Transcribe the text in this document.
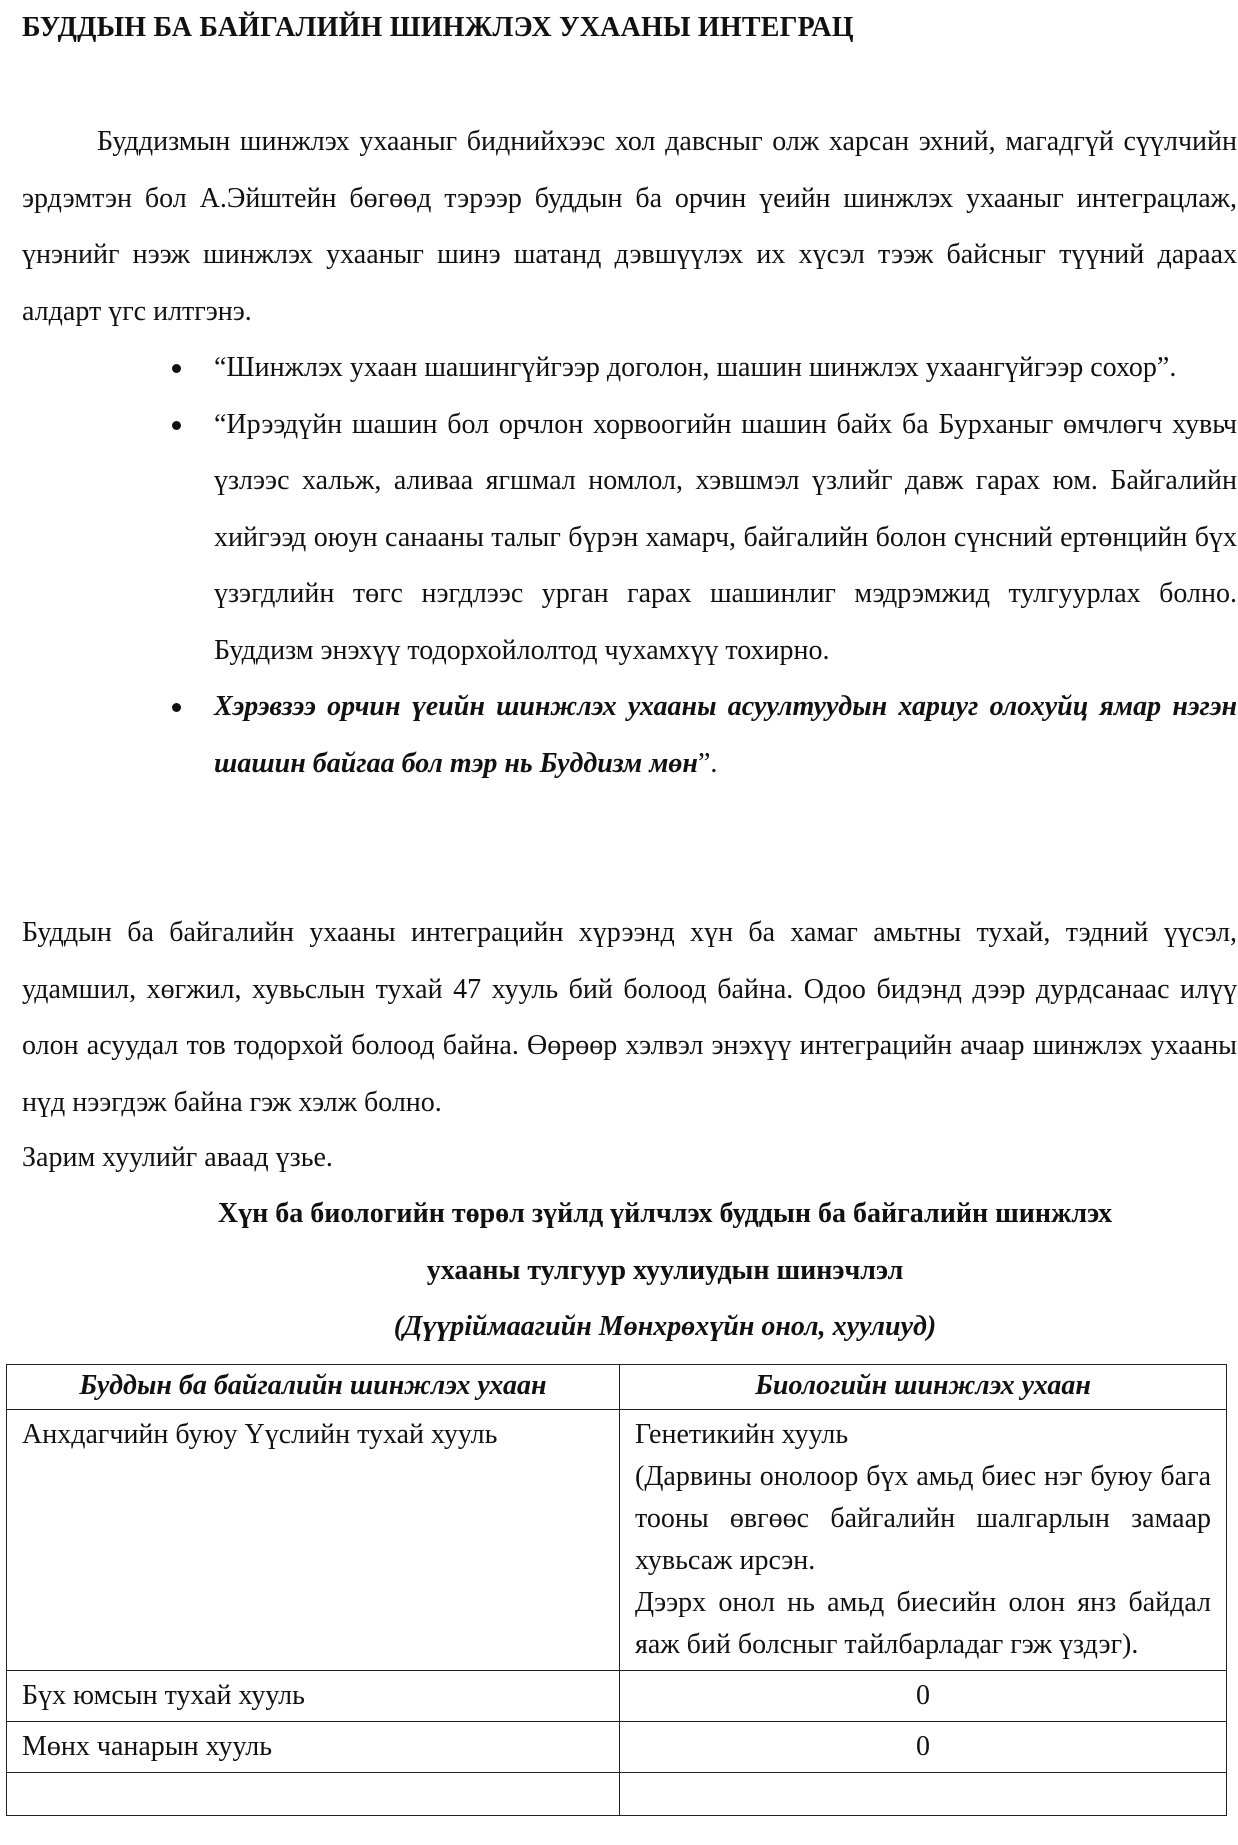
БУДДЫН БА БАЙГАЛИЙН ШИНЖЛЭХ УХААНЫ ИНТЕГРАЦ

Буддизмын шинжлэх ухааныг биднийхээс хол давсныг олж харсан эхний, магадгүй сүүлчийн эрдэмтэн бол А.Эйштейн бөгөөд тэрээр буддын ба орчин үеийн шинжлэх ухааныг интеграцлаж, үнэнийг нээж шинжлэх ухааныг шинэ шатанд дэвшүүлэх их хүсэл тээж байсныг түүний дараах алдарт үгс илтгэнэ.

“Шинжлэх ухаан шашингүйгээр доголон, шашин шинжлэх ухаангүйгээр сохор”.
“Ирээдүйн шашин бол орчлон хорвоогийн шашин байх ба Бурханыг өмчлөгч хувьч үзлээс хальж, аливаа ягшмал номлол, хэвшмэл үзлийг давж гарах юм. Байгалийн хийгээд оюун санааны талыг бүрэн хамарч, байгалийн болон сүнсний ертөнцийн бүх үзэгдлийн төгс нэгдлээс урган гарах шашинлиг мэдрэмжид тулгуурлах болно. Буддизм энэхүү тодорхойлолтод чухамхүү тохирно.
Хэрэвзээ орчин үеийн шинжлэх ухааны асуултуудын хариуг олохуйц ямар нэгэн шашин байгаа бол тэр нь Буддизм мөн”.

Буддын ба байгалийн ухааны интеграцийн хүрээнд хүн ба хамаг амьтны тухай, тэдний үүсэл, удамшил, хөгжил, хувьслын тухай 47 хууль бий болоод байна. Одоо бидэнд дээр дурдсанаас илүү олон асуудал тов тодорхой болоод байна. Өөрөөр хэлвэл энэхүү интеграцийн ачаар шинжлэх ухааны нүд нээгдэж байна гэж хэлж болно.

Зарим хуулийг аваад үзье.

Хүн ба биологийн төрөл зүйлд үйлчлэх буддын ба байгалийн шинжлэх
ухааны тулгуур хуулиудын шинэчлэл
(Дүүрiймаагийн Мөнхрөхүйн онол, хуулиуд)
Буддын ба байгалийн шинжлэх ухаан	Биологийн шинжлэх ухаан
Анхдагчийн буюу Үүслийн тухай хууль	Генетикийн хууль
(Дарвины онолоор бүх амьд биес нэг буюу бага тооны өвгөөс байгалийн шалгарлын замаар хувьсаж ирсэн.
Дээрх онол нь амьд биесийн олон янз байдал яаж бий болсныг тайлбарладаг гэж үздэг).

Бүх юмсын тухай хууль	0
Мөнх чанарын хууль	0
